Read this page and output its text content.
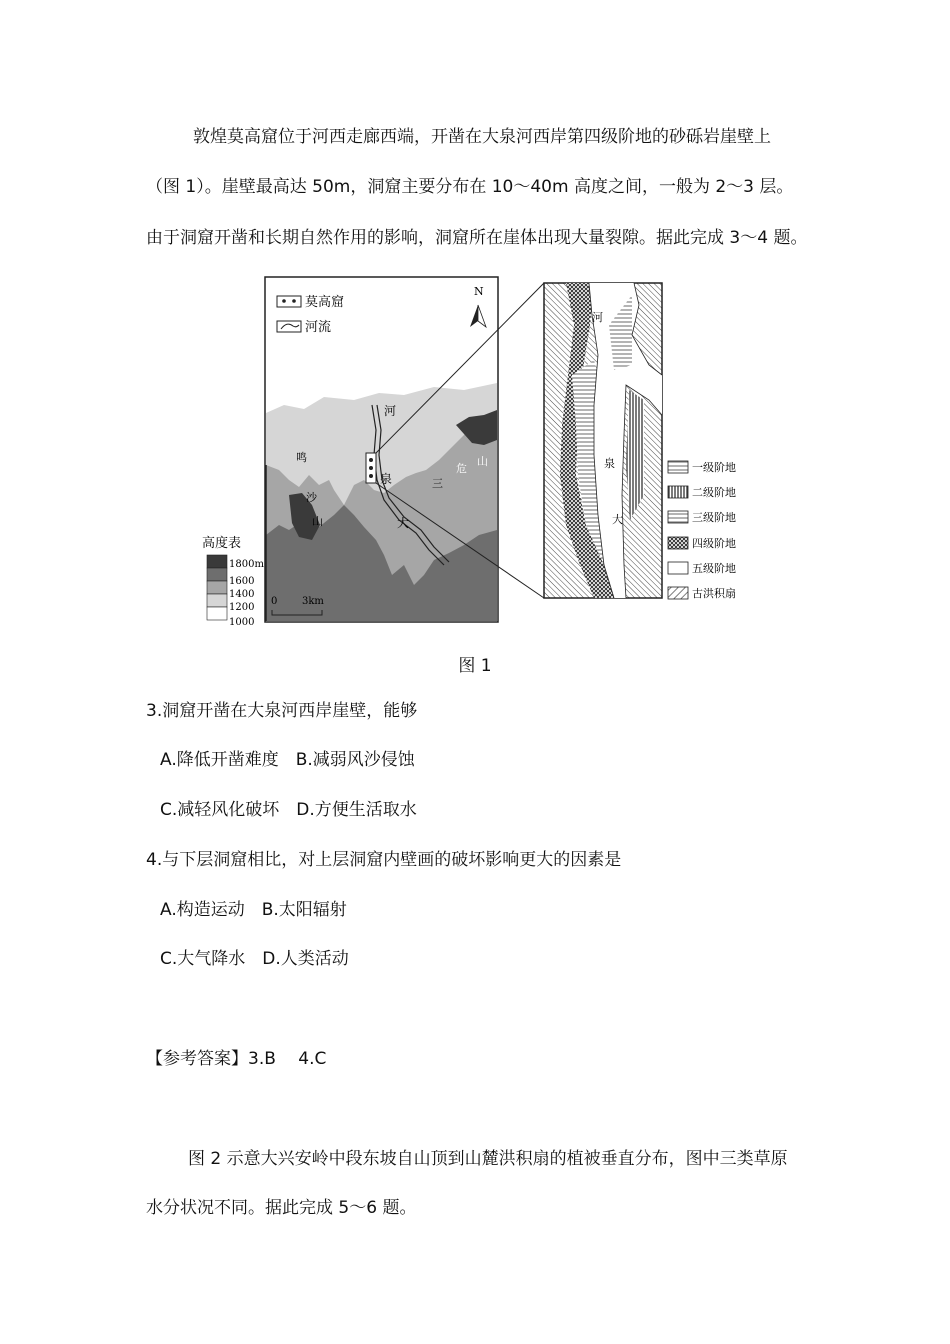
敦煌莫高窟位于河西走廊西端，开凿在大泉河西岸第四级阶地的砂砾岩崖壁上
（图 1）。崖壁最高达 50m，洞窟主要分布在 10～40m 高度之间，一般为 2～3 层。
由于洞窟开凿和长期自然作用的影响，洞窟所在崖体出现大量裂隙。据此完成 3～4 题。
莫高窟
河流
N
河
泉
大
鸣
沙
山
三
危
山
0 3km
高度表
1800m
1600
1400
1200
1000
河
泉
大
一级阶地
二级阶地
三级阶地
四级阶地
五级阶地
古洪积扇
图 1
3.洞窟开凿在大泉河西岸崖壁，能够
A.降低开凿难度　B.减弱风沙侵蚀
C.减轻风化破坏　D.方便生活取水
4.与下层洞窟相比，对上层洞窟内壁画的破坏影响更大的因素是
A.构造运动　B.太阳辐射
C.大气降水　D.人类活动
【参考答案】3.B　 4.C
图 2 示意大兴安岭中段东坡自山顶到山麓洪积扇的植被垂直分布，图中三类草原
水分状况不同。据此完成 5～6 题。
